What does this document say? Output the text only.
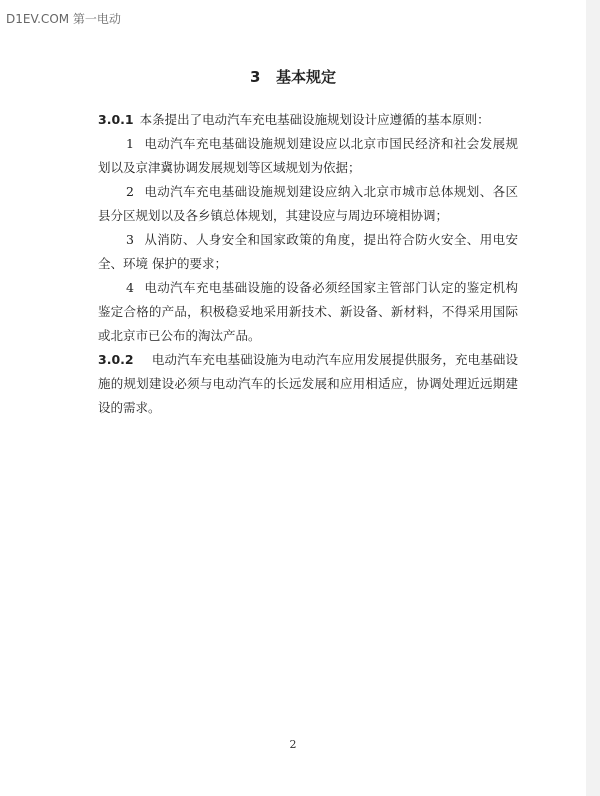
D1EV.COM 第一电动
3 基本规定

3.0.1 本条提出了电动汽车充电基础设施规划设计应遵循的基本原则：

1 电动汽车充电基础设施规划建设应以北京市国民经济和社会发展规划以及京津冀协调发展规划等区域规划为依据；

2 电动汽车充电基础设施规划建设应纳入北京市城市总体规划、各区县分区规划以及各乡镇总体规划，其建设应与周边环境相协调；

3 从消防、人身安全和国家政策的角度，提出符合防火安全、用电安全、环境 保护的要求；

4 电动汽车充电基础设施的设备必须经国家主管部门认定的鉴定机构鉴定合格的产品，积极稳妥地采用新技术、新设备、新材料，不得采用国际或北京市已公布的淘汰产品。

3.0.2 电动汽车充电基础设施为电动汽车应用发展提供服务，充电基础设施的规划建设必须与电动汽车的长远发展和应用相适应，协调处理近远期建设的需求。

2
